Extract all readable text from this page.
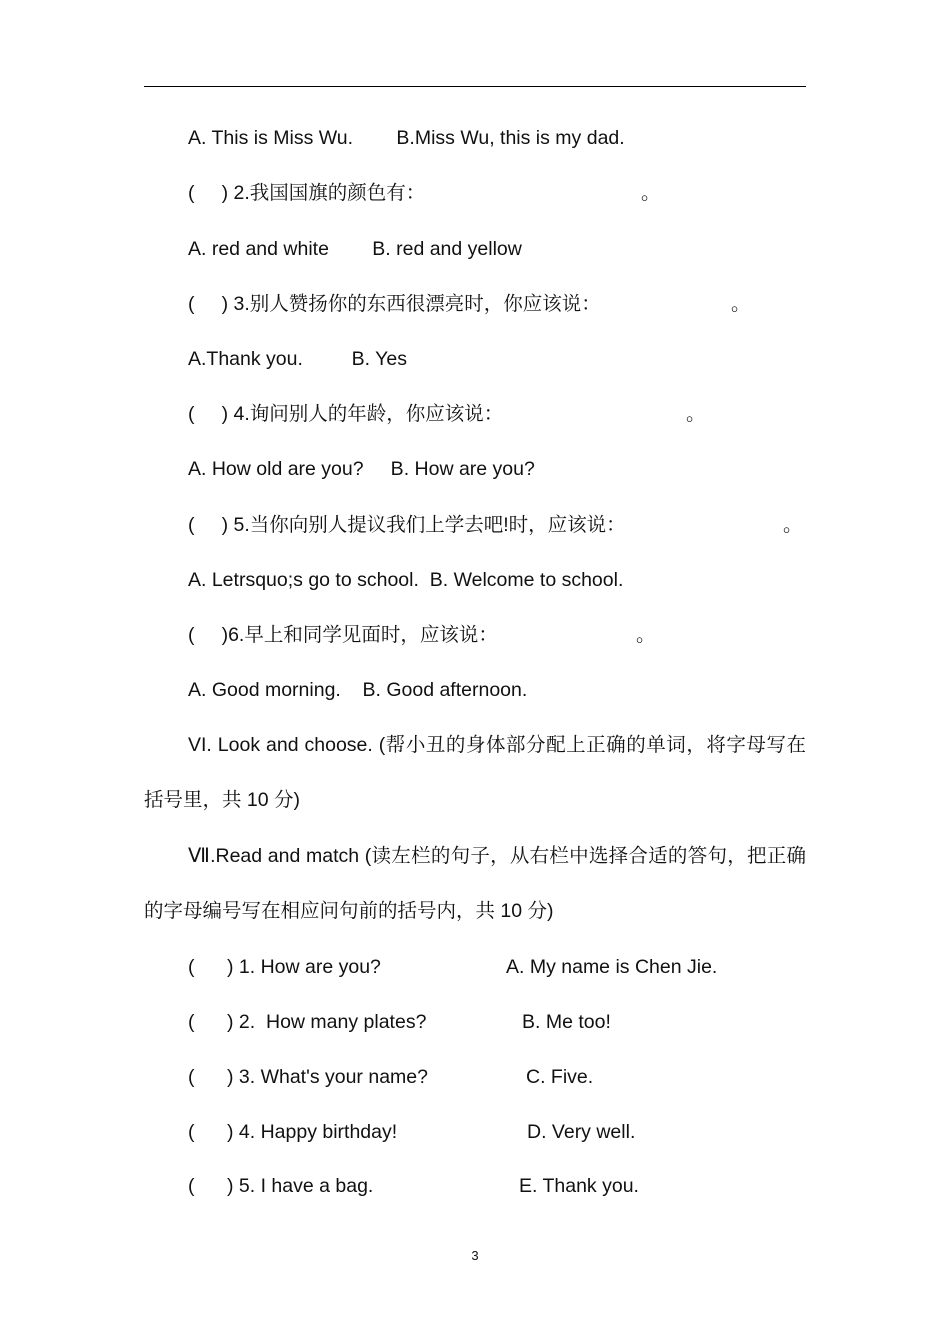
A. This is Miss Wu.        B.Miss Wu, this is my dad.
(     ) 2.我国国旗的颜色有：	。
A. red and white        B. red and yellow
(     ) 3.别人赞扬你的东西很漂亮时，你应该说：	。
A.Thank you.         B. Yes
(     ) 4.询问别人的年龄，你应该说：	。
A. How old are you?     B. How are you?
(     ) 5.当你向别人提议我们上学去吧!时，应该说：	。
A. Letrsquo;s go to school.  B. Welcome to school.
(     )6.早上和同学见面时，应该说：	。
A. Good morning.    B. Good afternoon.
VI. Look and choose. (帮小丑的身体部分配上正确的单词，将字母写在括号里，共 10 分)
Ⅶ.Read and match (读左栏的句子，从右栏中选择合适的答句，把正确的字母编号写在相应问句前的括号内，共 10 分)
(      ) 1. How are you?	A. My name is Chen Jie.
(      ) 2.  How many plates?	B. Me too!
(      ) 3. What's your name?	C. Five.
(      ) 4. Happy birthday!	D. Very well.
(      ) 5. I have a bag.	E. Thank you.
3
